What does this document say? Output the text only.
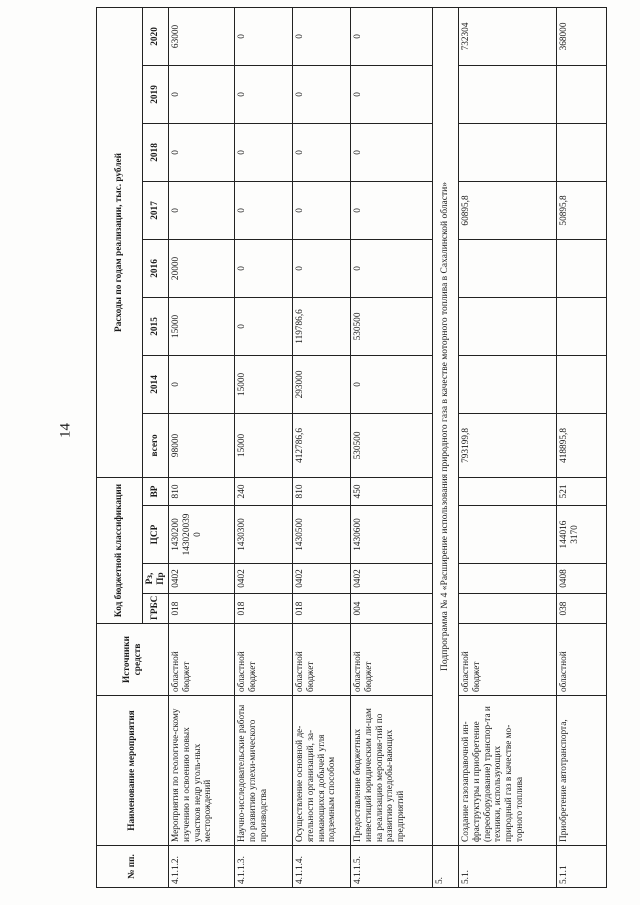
14
№ пп.	Наименование мероприятия	Источники средств	Код бюджетной классификации				Расходы по годам реализации, тыс. рублей							
			ГРБС	Рз, Пр	ЦСР	ВР	всего	2014	2015	2016	2017	2018	2019	2020
4.1.1.2.	Мероприятия по геологиче-скому изучению и освоению новых участков недр уголь-ных месторождений	областной бюджет	018	0402	1430200 143020039 0	810	98000	0	15000	20000	0	0	0	63000
4.1.1.3.	Научно-исследовательские работы по развитию углехи-мического производства	областной бюджет	018	0402	1430300	240	15000	15000	0	0	0	0	0	0
4.1.1.4.	Осуществление основной де-ятельности организаций, за-нимающихся добычей угля подземным способом	областной бюджет	018	0402	1430500	810	412786,6	293000	119786,6	0	0	0	0	0
4.1.1.5.	Предоставление бюджетных инвестиций юридическим ли-цам на реализацию мероприя-тий по развитию угледобы-вающих предприятий	областной бюджет	004	0402	1430600	450	530500	0	530500	0	0	0	0	0
5.	Подпрограмма № 4 «Расширение использования природного газа в качестве моторного топлива в Сахалинской области»													
5.1.	Создание газозаправочной ин-фраструктуры и приобретение (переоборудование) транспор-та и техники, использующих природный газ в качестве мо-торного топлива	областной бюджет					793199,8				60895,8			732304
5.1.1	Приобретение автотранспорта,	областной	038	0408	144016 3170	521	418895,8				50895,8			368000
